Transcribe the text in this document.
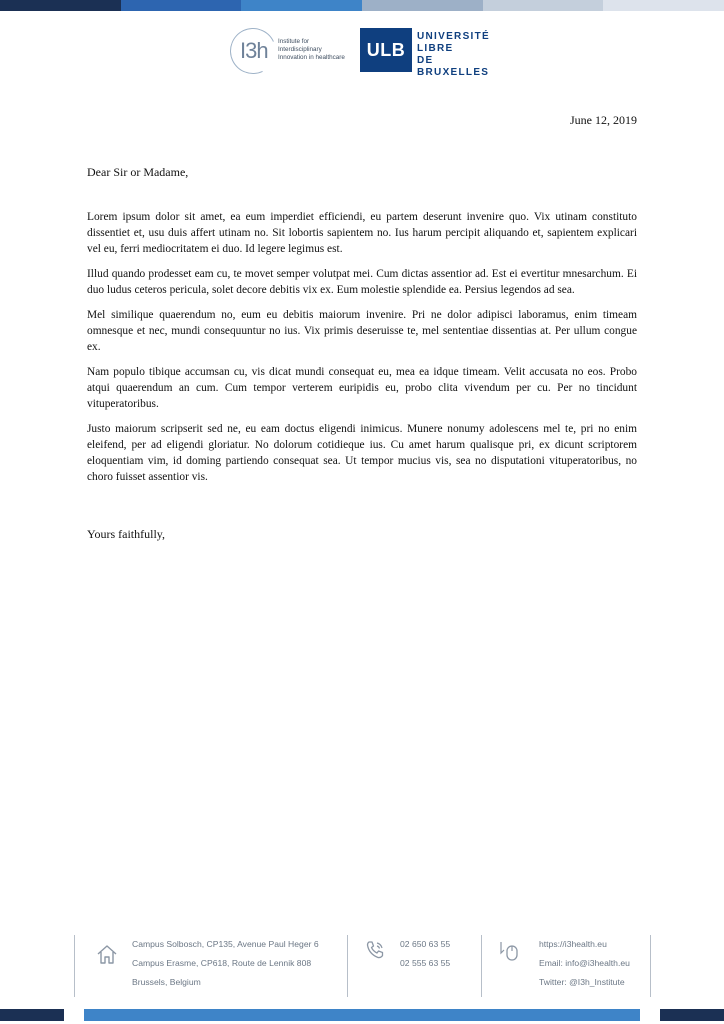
I3h Institute for
Interdisciplinary
Innovation in healthcare	ULB
UNIVERSITÉ
LIBRE
DE BRUXELLES
June 12, 2019
Dear Sir or Madame,

Lorem ipsum dolor sit amet, ea eum imperdiet efficiendi, eu partem deserunt invenire quo. Vix utinam constituto dissentiet et, usu duis affert utinam no. Sit lobortis sapientem no. Ius harum percipit aliquando et, sapientem explicari vel eu, ferri mediocritatem ei duo. Id legere legimus est.

Illud quando prodesset eam cu, te movet semper volutpat mei. Cum dictas assentior ad. Est ei evertitur mnesarchum. Ei duo ludus ceteros pericula, solet decore debitis vix ex. Eum molestie splendide ea. Persius legendos ad sea.

Mel similique quaerendum no, eum eu debitis maiorum invenire. Pri ne dolor adipisci laboramus, enim timeam omnesque et nec, mundi consequuntur no ius. Vix primis deseruisse te, mel sententiae dissentias at. Per ullum congue ex.

Nam populo tibique accumsan cu, vis dicat mundi consequat eu, mea ea idque timeam. Velit accusata no eos. Probo atqui quaerendum an cum. Cum tempor verterem euripidis eu, probo clita vivendum per cu. Per no tincidunt vituperatoribus.

Justo maiorum scripserit sed ne, eu eam doctus eligendi inimicus. Munere nonumy adolescens mel te, pri no enim eleifend, per ad eligendi gloriatur. No dolorum cotidieque ius. Cu amet harum qualisque pri, ex dicunt scriptorem eloquentiam vim, id doming partiendo consequat sea. Ut tempor mucius vis, sea no disputationi vituperatoribus, no choro fuisset assentior vis.

Yours faithfully,
Campus Solbosch, CP135, Avenue Paul Heger 6
Campus Erasme, CP618, Route de Lennik 808
Brussels, Belgium
02 650 63 55
02 555 63 55
https://i3health.eu
Email: info@i3health.eu
Twitter: @I3h_Institute
